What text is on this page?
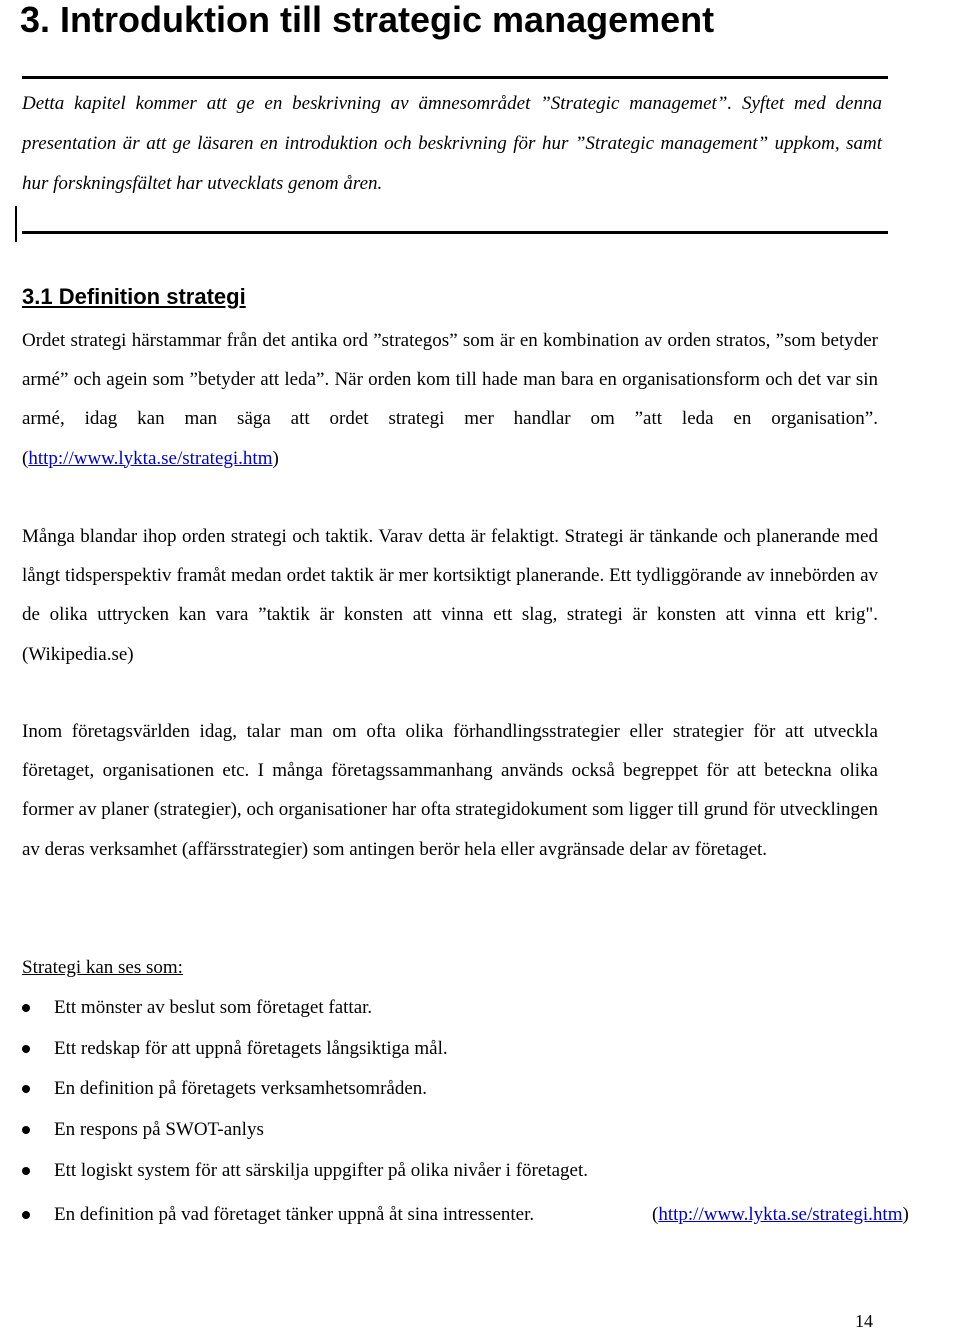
3. Introduktion till strategic management

Detta kapitel kommer att ge en beskrivning av ämnesområdet ”Strategic managemet”. Syftet med denna presentation är att ge läsaren en introduktion och beskrivning för hur ”Strategic management” uppkom, samt hur forskningsfältet har utvecklats genom åren.

3.1 Definition strategi

Ordet strategi härstammar från det antika ord ”strategos” som är en kombination av orden stratos, ”som betyder armé” och agein som ”betyder att leda”. När orden kom till hade man bara en organisationsform och det var sin armé, idag kan man säga att ordet strategi mer handlar om ”att leda en organisation”. (http://www.lykta.se/strategi.htm)

Många blandar ihop orden strategi och taktik. Varav detta är felaktigt. Strategi är tänkande och planerande med långt tidsperspektiv framåt medan ordet taktik är mer kortsiktigt planerande. Ett tydliggörande av innebörden av de olika uttrycken kan vara ”taktik är konsten att vinna ett slag, strategi är konsten att vinna ett krig". (Wikipedia.se)

Inom företagsvärlden idag, talar man om ofta olika förhandlingsstrategier eller strategier för att utveckla företaget, organisationen etc. I många företagssammanhang används också begreppet för att beteckna olika former av planer (strategier), och organisationer har ofta strategidokument som ligger till grund för utvecklingen av deras verksamhet (affärsstrategier) som antingen berör hela eller avgränsade delar av företaget.

Strategi kan ses som:

Ett mönster av beslut som företaget fattar.
Ett redskap för att uppnå företagets långsiktiga mål.
En definition på företagets verksamhetsområden.
En respons på SWOT-anlys
Ett logiskt system för att särskilja uppgifter på olika nivåer i företaget.
En definition på vad företaget tänker uppnå åt sina intressenter.	(http://www.lykta.se/strategi.htm)
14
